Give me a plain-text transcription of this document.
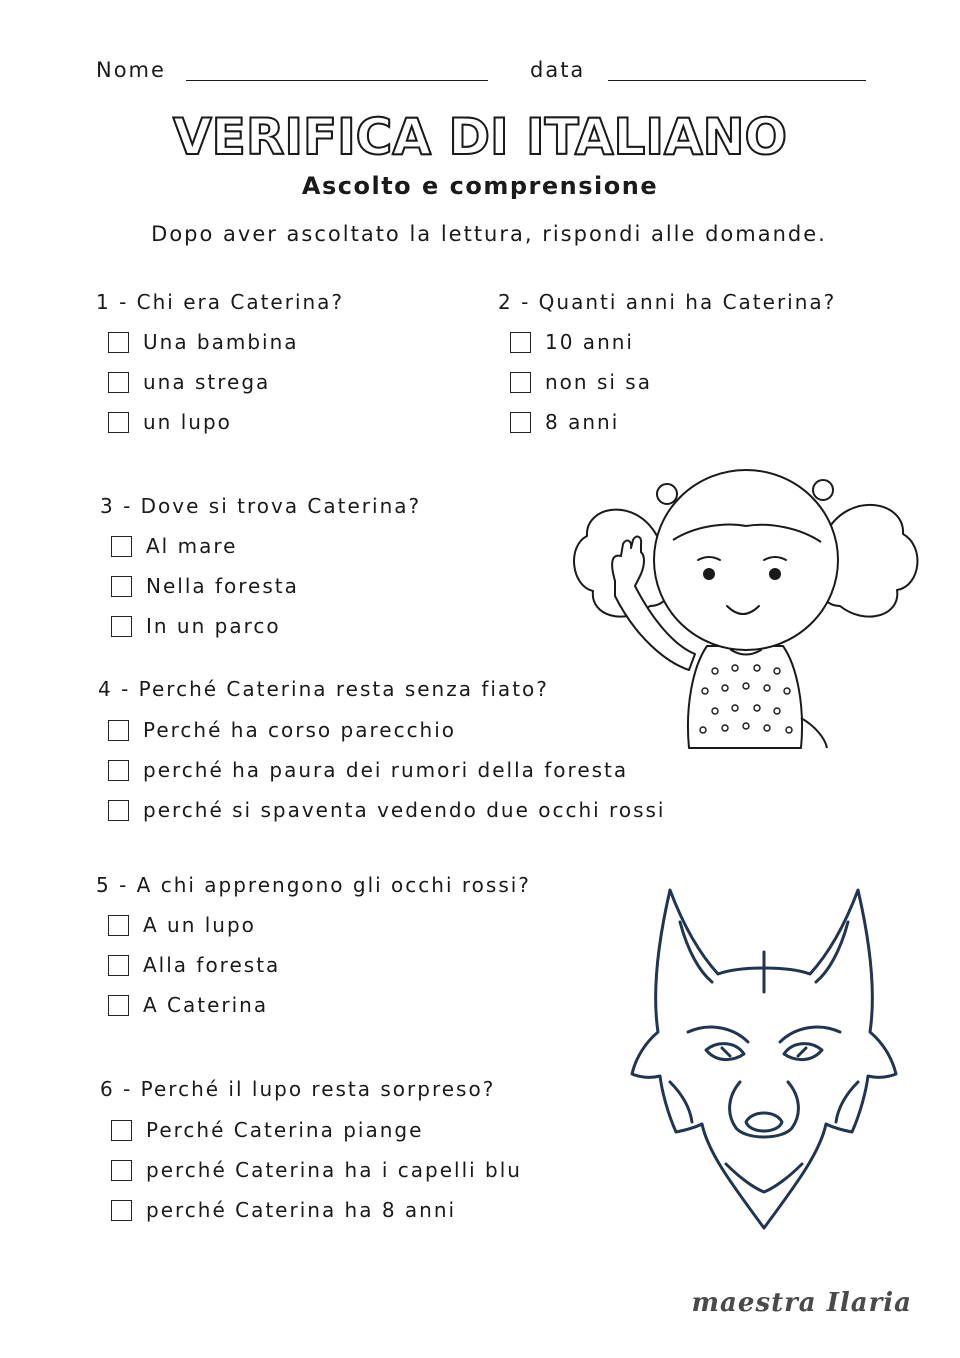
Nome	data
VERIFICA DI ITALIANO
Ascolto e comprensione
Dopo aver ascoltato la lettura, rispondi alle domande.
1 - Chi era Caterina?
Una bambina
una strega
un lupo
2 - Quanti anni ha Caterina?
10 anni
non si sa
8 anni
3 - Dove si trova Caterina?
Al mare
Nella foresta
In un parco
4 - Perché Caterina resta senza fiato?
Perché ha corso parecchio
perché ha paura dei rumori della foresta
perché si spaventa vedendo due occhi rossi
5 - A chi apprengono gli occhi rossi?
A un lupo
Alla foresta
A Caterina
6 - Perché il lupo resta sorpreso?
Perché Caterina piange
perché Caterina ha i capelli blu
perché Caterina ha 8 anni
maestra Ilaria
